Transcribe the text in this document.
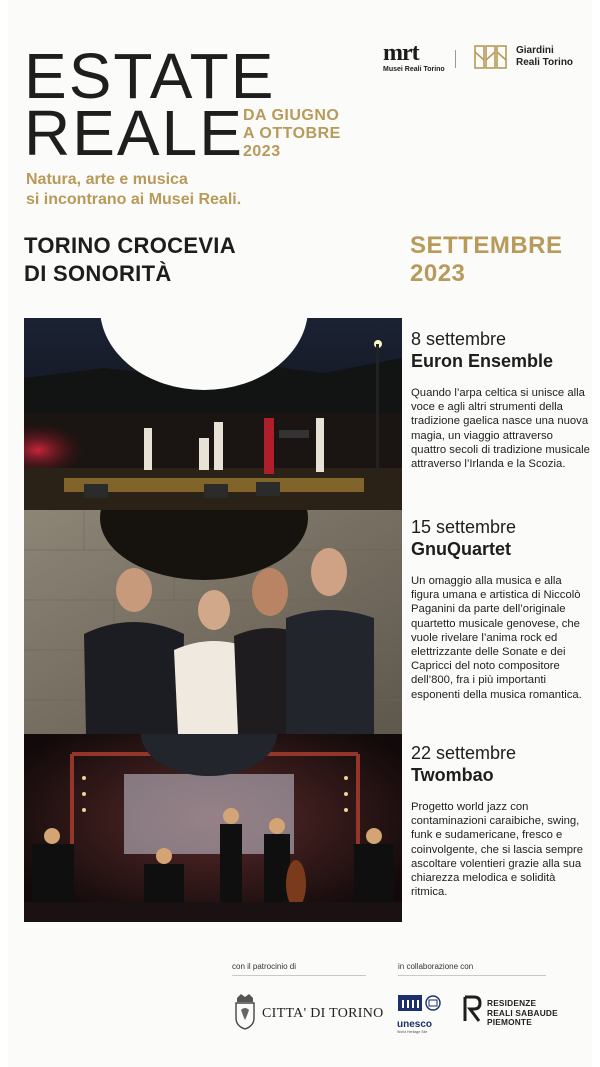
ESTATE
REALE DA GIUGNO
A OTTOBRE
2023
Natura, arte e musica
si incontrano ai Musei Reali.
mrt
Musei Reali Torino
Giardini
Reali Torino
TORINO CROCEVIA
DI SONORITÀ
SETTEMBRE
2023
8 settembre
Euron Ensemble
Quando l’arpa celtica si unisce alla voce e agli altri strumenti della tradizione gaelica nasce una nuova magia, un viaggio attraverso quattro secoli di tradizione musicale attraverso l’Irlanda e la Scozia.
15 settembre
GnuQuartet
Un omaggio alla musica e alla figura umana e artistica di Niccolò Paganini da parte dell’originale quartetto musicale genovese, che vuole rivelare l’anima rock ed elettrizzante delle Sonate e dei Capricci del noto compositore dell’800, fra i più importanti esponenti della musica romantica.
22 settembre
Twombao
Progetto world jazz con contaminazioni caraibiche, swing, funk e sudamericane, fresco e coinvolgente, che si lascia sempre ascoltare volentieri grazie alla sua chiarezza melodica e solidità ritmica.
con il patrocinio di	in collaborazione con
CITTA' DI TORINO
unesco
World Heritage Site
RESIDENZE
REALI SABAUDE
PIEMONTE
